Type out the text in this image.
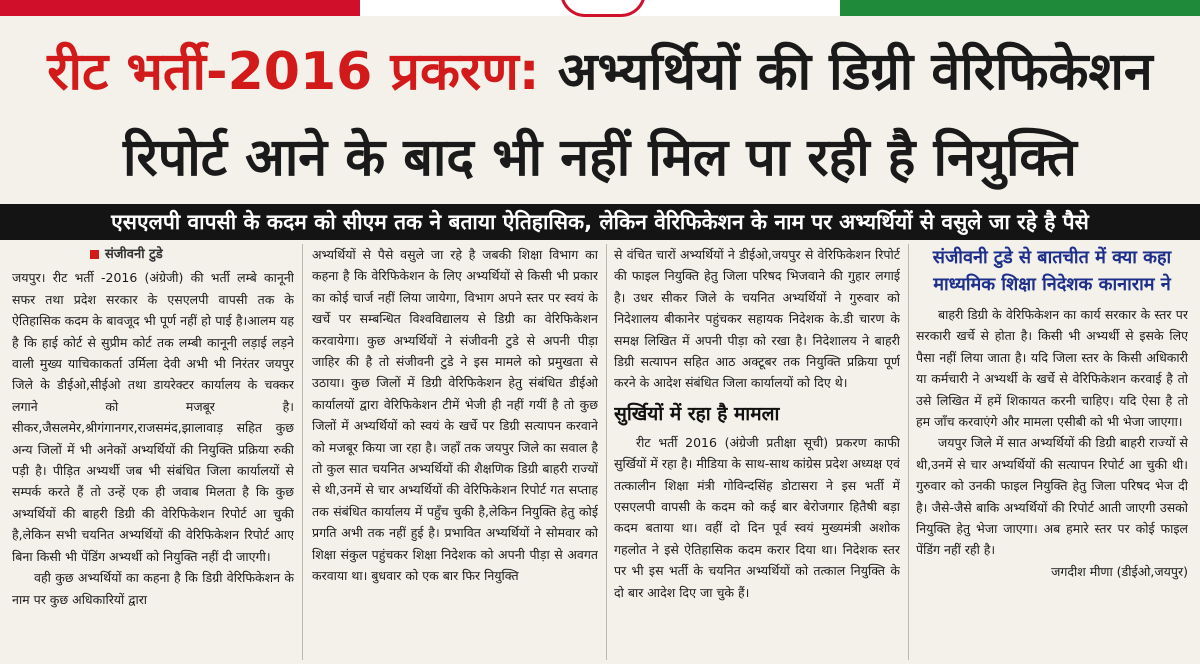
रीट भर्ती-2016 प्रकरण: अभ्यर्थियों की डिग्री वेरिफिकेशन
रिपोर्ट आने के बाद भी नहीं मिल पा रही है नियुक्ति
एसएलपी वापसी के कदम को सीएम तक ने बताया ऐतिहासिक, लेकिन वेरिफिकेशन के नाम पर अभ्यर्थियों से वसुले जा रहे है पैसे
संजीवनी टुडे

जयपुर। रीट भर्ती -2016 (अंग्रेजी) की भर्ती लम्बे कानूनी सफर तथा प्रदेश सरकार के एसएलपी वापसी तक के ऐतिहासिक कदम के बावजूद भी पूर्ण नहीं हो पाई है।आलम यह है कि हाई कोर्ट से सुप्रीम कोर्ट तक लम्बी कानूनी लड़ाई लड़ने वाली मुख्य याचिकाकर्ता उर्मिला देवी अभी भी निरंतर जयपुर जिले के डीईओ,सीईओ तथा डायरेक्टर कार्यालय के चक्कर लगाने को मजबूर है। सीकर,जैसलमेर,श्रीगंगानगर,राजसमंद,झालावाड़ सहित कुछ अन्य जिलों में भी अनेकों अभ्यर्थियों की नियुक्ति प्रक्रिया रुकी पड़ी है। पीड़ित अभ्यर्थी जब भी संबंधित जिला कार्यालयों से सम्पर्क करते हैं तो उन्हें एक ही जवाब मिलता है कि कुछ अभ्यर्थियों की बाहरी डिग्री की वेरिफिकेशन रिपोर्ट आ चुकी है,लेकिन सभी चयनित अभ्यर्थियों की वेरिफिकेशन रिपोर्ट आए बिना किसी भी पेंडिंग अभ्यर्थी को नियुक्ति नहीं दी जाएगी।

वही कुछ अभ्यर्थियों का कहना है कि डिग्री वेरिफिकेशन के नाम पर कुछ अधिकारियों द्वारा

अभ्यर्थियों से पैसे वसुले जा रहे है जबकी शिक्षा विभाग का कहना है कि वेरिफिकेशन के लिए अभ्यर्थियों से किसी भी प्रकार का कोई चार्ज नहीं लिया जायेगा, विभाग अपने स्तर पर स्वयं के खर्चे पर सम्बन्धित विश्वविद्यालय से डिग्री का वेरिफिकेशन करवायेगा। कुछ अभ्यर्थियों ने संजीवनी टुडे से अपनी पीड़ा जाहिर की है तो संजीवनी टुडे ने इस मामले को प्रमुखता से उठाया। कुछ जिलों में डिग्री वेरिफिकेशन हेतु संबंधित डीईओ कार्यालयों द्वारा वेरिफिकेशन टीमें भेजी ही नहीं गयीं है तो कुछ जिलों में अभ्यर्थियों को स्वयं के खर्चे पर डिग्री सत्यापन करवाने को मजबूर किया जा रहा है। जहाँ तक जयपुर जिले का सवाल है तो कुल सात चयनित अभ्यर्थियों की शैक्षणिक डिग्री बाहरी राज्यों से थी,उनमें से चार अभ्यर्थियों की वेरिफिकेशन रिपोर्ट गत सप्ताह तक संबंधित कार्यालय में पहुँच चुकी है,लेकिन नियुक्ति हेतु कोई प्रगति अभी तक नहीं हुई है। प्रभावित अभ्यर्थियों ने सोमवार को शिक्षा संकुल पहुंचकर शिक्षा निदेशक को अपनी पीड़ा से अवगत करवाया था। बुधवार को एक बार फिर नियुक्ति

से वंचित चारों अभ्यर्थियों ने डीईओ,जयपुर से वेरिफिकेशन रिपोर्ट की फाइल नियुक्ति हेतु जिला परिषद भिजवाने की गुहार लगाई है। उधर सीकर जिले के चयनित अभ्यर्थियों ने गुरुवार को निदेशालय बीकानेर पहुंचकर सहायक निदेशक के.डी चारण के समक्ष लिखित में अपनी पीड़ा को रखा है। निदेशालय ने बाहरी डिग्री सत्यापन सहित आठ अक्टूबर तक नियुक्ति प्रक्रिया पूर्ण करने के आदेश संबंधित जिला कार्यालयों को दिए थे।

सुर्खियों में रहा है मामला

रीट भर्ती 2016 (अंग्रेजी प्रतीक्षा सूची) प्रकरण काफी सुर्खियों में रहा है। मीडिया के साथ-साथ कांग्रेस प्रदेश अध्यक्ष एवं तत्कालीन शिक्षा मंत्री गोविन्दसिंह डोटासरा ने इस भर्ती में एसएलपी वापसी के कदम को कई बार बेरोजगार हितैषी बड़ा कदम बताया था। वहीं दो दिन पूर्व स्वयं मुख्यमंत्री अशोक गहलोत ने इसे ऐतिहासिक कदम करार दिया था। निदेशक स्तर पर भी इस भर्ती के चयनित अभ्यर्थियों को तत्काल नियुक्ति के दो बार आदेश दिए जा चुके हैं।

संजीवनी टुडे से बातचीत में क्या कहा माध्यमिक शिक्षा निदेशक कानाराम ने

बाहरी डिग्री के वेरिफिकेशन का कार्य सरकार के स्तर पर सरकारी खर्चे से होता है। किसी भी अभ्यर्थी से इसके लिए पैसा नहीं लिया जाता है। यदि जिला स्तर के किसी अधिकारी या कर्मचारी ने अभ्यर्थी के खर्चे से वेरिफिकेशन करवाई है तो उसे लिखित में हमें शिकायत करनी चाहिए। यदि ऐसा है तो हम जाँच करवाएंगे और मामला एसीबी को भी भेजा जाएगा।

जयपुर जिले में सात अभ्यर्थियों की डिग्री बाहरी राज्यों से थी,उनमें से चार अभ्यर्थियों की सत्यापन रिपोर्ट आ चुकी थी।गुरुवार को उनकी फाइल नियुक्ति हेतु जिला परिषद भेज दी है। जैसे-जैसे बाकि अभ्यर्थियों की रिपोर्ट आती जाएगी उसको नियुक्ति हेतु भेजा जाएगा। अब हमारे स्तर पर कोई फाइल पेंडिंग नहीं रही है।

जगदीश मीणा (डीईओ,जयपुर)
